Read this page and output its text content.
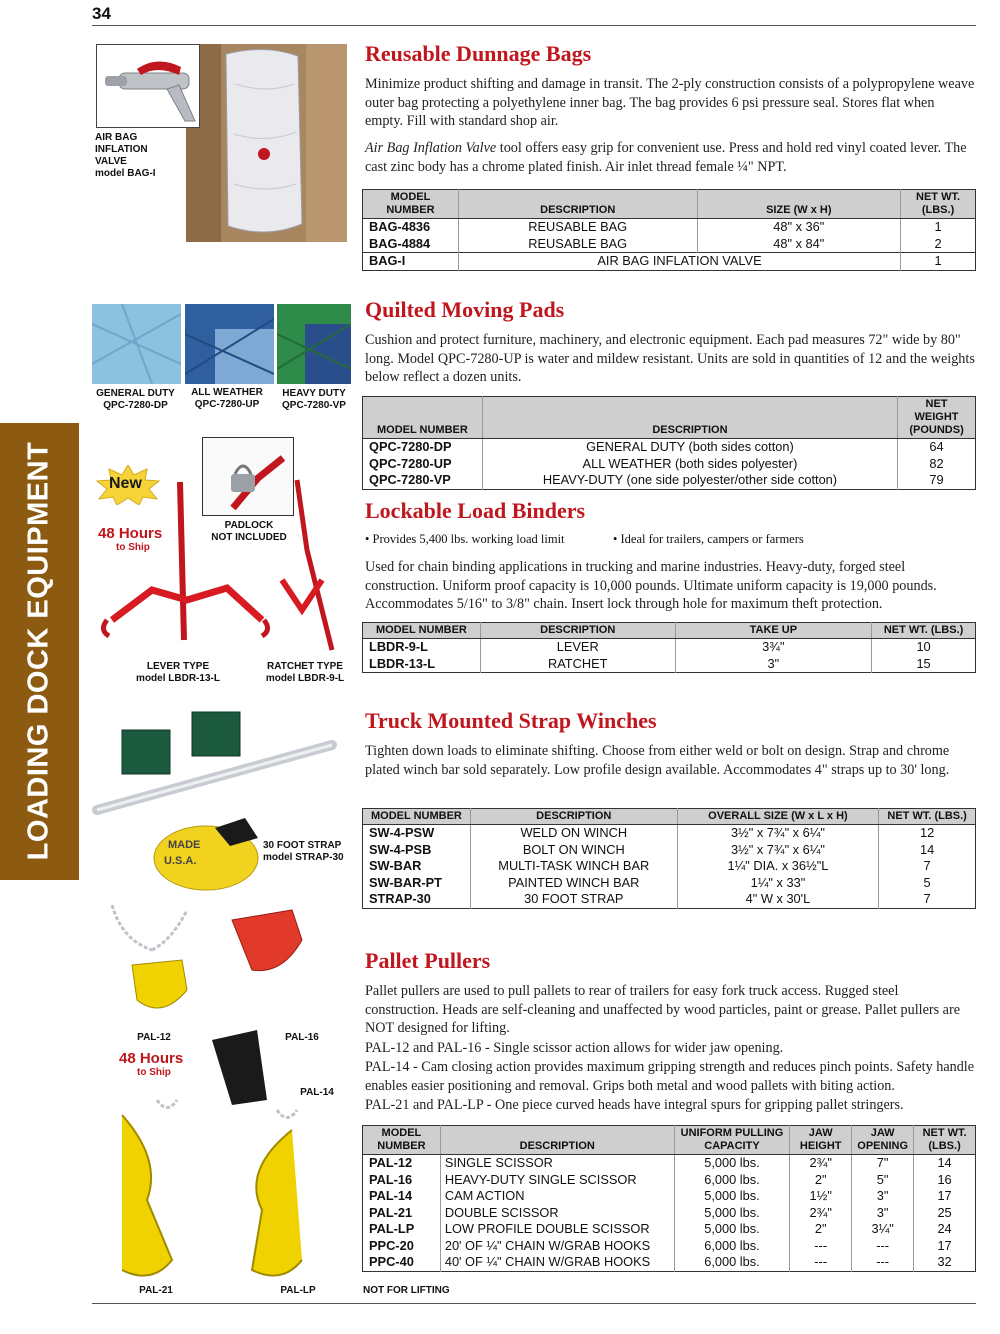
34
LOADING DOCK EQUIPMENT
AIR BAG
INFLATION
VALVE
model BAG-I
GENERAL DUTY
QPC-7280-DP
ALL WEATHER
QPC-7280-UP
HEAVY DUTY
QPC-7280-VP
New
48 Hours
to Ship
PADLOCK
NOT INCLUDED
LEVER TYPE
model LBDR-13-L
RATCHET TYPE
model LBDR-9-L
MADE
U.S.A.
30 FOOT STRAP
model STRAP-30
PAL-12	PAL-16
PAL-14
48 Hours
to Ship
PAL-21	PAL-LP
Reusable Dunnage Bags
Minimize product shifting and damage in transit. The 2-ply construction consists of a polypropylene weave outer bag protecting a polyethylene inner bag. The bag provides 6 psi pressure seal. Stores flat when empty. Fill with standard shop air.
Air Bag Inflation Valve tool offers easy grip for convenient use. Press and hold red vinyl coated lever. The cast zinc body has a chrome plated finish. Air inlet thread female ¼" NPT.
MODEL NUMBER	DESCRIPTION	SIZE (W x H)	NET WT. (LBS.)
BAG-4836	REUSABLE BAG	48" x 36"	1
BAG-4884	REUSABLE BAG	48" x 84"	2
BAG-I	AIR BAG INFLATION VALVE		1
Quilted Moving Pads
Cushion and protect furniture, machinery, and electronic equipment. Each pad measures 72" wide by 80" long. Model QPC-7280-UP is water and mildew resistant. Units are sold in quantities of 12 and the weights below reflect a dozen units.
MODEL NUMBER	DESCRIPTION	NET WEIGHT (POUNDS)
QPC-7280-DP	GENERAL DUTY (both sides cotton)	64
QPC-7280-UP	ALL WEATHER (both sides polyester)	82
QPC-7280-VP	HEAVY-DUTY (one side polyester/other side cotton)	79
Lockable Load Binders
• Provides 5,400 lbs. working load limit	• Ideal for trailers, campers or farmers
Used for chain binding applications in trucking and marine industries. Heavy-duty, forged steel construction. Uniform proof capacity is 10,000 pounds. Ultimate uniform capacity is 19,000 pounds. Accommodates 5/16" to 3/8" chain. Insert lock through hole for maximum theft protection.
MODEL NUMBER	DESCRIPTION	TAKE UP	NET WT. (LBS.)
LBDR-9-L	LEVER	3¾"	10
LBDR-13-L	RATCHET	3"	15
Truck Mounted Strap Winches
Tighten down loads to eliminate shifting. Choose from either weld or bolt on design. Strap and chrome plated winch bar sold separately. Low profile design available. Accommodates 4" straps up to 30' long.
MODEL NUMBER	DESCRIPTION	OVERALL SIZE (W x L x H)	NET WT. (LBS.)
SW-4-PSW	WELD ON WINCH	3½" x 7¾" x 6¼"	12
SW-4-PSB	BOLT ON WINCH	3½" x 7¾" x 6¼"	14
SW-BAR	MULTI-TASK WINCH BAR	1¼" DIA. x 36½"L	7
SW-BAR-PT	PAINTED WINCH BAR	1¼" x 33"	5
STRAP-30	30 FOOT STRAP	4" W x 30'L	7
Pallet Pullers
Pallet pullers are used to pull pallets to rear of trailers for easy fork truck access. Rugged steel construction. Heads are self-cleaning and unaffected by wood particles, paint or grease. Pallet pullers are NOT designed for lifting.
PAL-12 and PAL-16 - Single scissor action allows for wider jaw opening.
PAL-14 - Cam closing action provides maximum gripping strength and reduces pinch points. Safety handle enables easier positioning and removal. Grips both metal and wood pallets with biting action.
PAL-21 and PAL-LP - One piece curved heads have integral spurs for gripping pallet stringers.
MODEL NUMBER	DESCRIPTION	UNIFORM PULLING CAPACITY	JAW HEIGHT	JAW OPENING	NET WT. (LBS.)
PAL-12	SINGLE SCISSOR	5,000 lbs.	2¾"	7"	14
PAL-16	HEAVY-DUTY SINGLE SCISSOR	6,000 lbs.	2"	5"	16
PAL-14	CAM ACTION	5,000 lbs.	1½"	3"	17
PAL-21	DOUBLE SCISSOR	5,000 lbs.	2¾"	3"	25
PAL-LP	LOW PROFILE DOUBLE SCISSOR	5,000 lbs.	2"	3¼"	24
PPC-20	20' OF ¼" CHAIN W/GRAB HOOKS	6,000 lbs.	---	---	17
PPC-40	40' OF ¼" CHAIN W/GRAB HOOKS	6,000 lbs.	---	---	32
NOT FOR LIFTING
